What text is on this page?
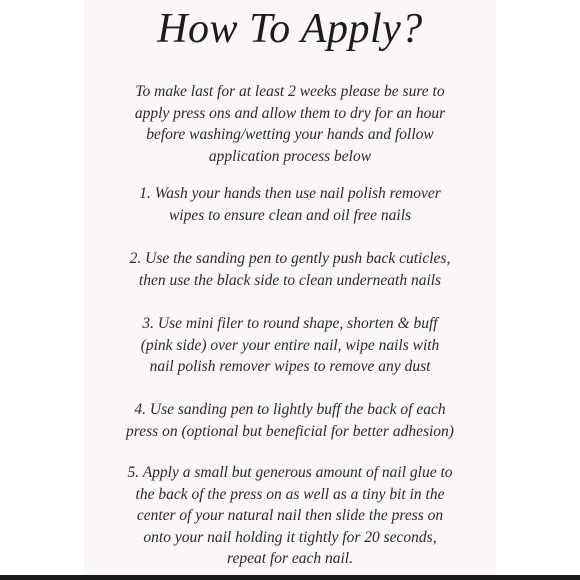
How To Apply?
To make last for at least 2 weeks please be sure to
apply press ons and allow them to dry for an hour
before washing/wetting your hands and follow
application process below
1. Wash your hands then use nail polish remover
wipes to ensure clean and oil free nails
2. Use the sanding pen to gently push back cuticles,
then use the black side to clean underneath nails
3. Use mini filer to round shape, shorten & buff
(pink side) over your entire nail, wipe nails with
nail polish remover wipes to remove any dust
4. Use sanding pen to lightly buff the back of each
press on (optional but beneficial for better adhesion)
5. Apply a small but generous amount of nail glue to
the back of the press on as well as a tiny bit in the
center of your natural nail then slide the press on
onto your nail holding it tightly for 20 seconds,
repeat for each nail.
